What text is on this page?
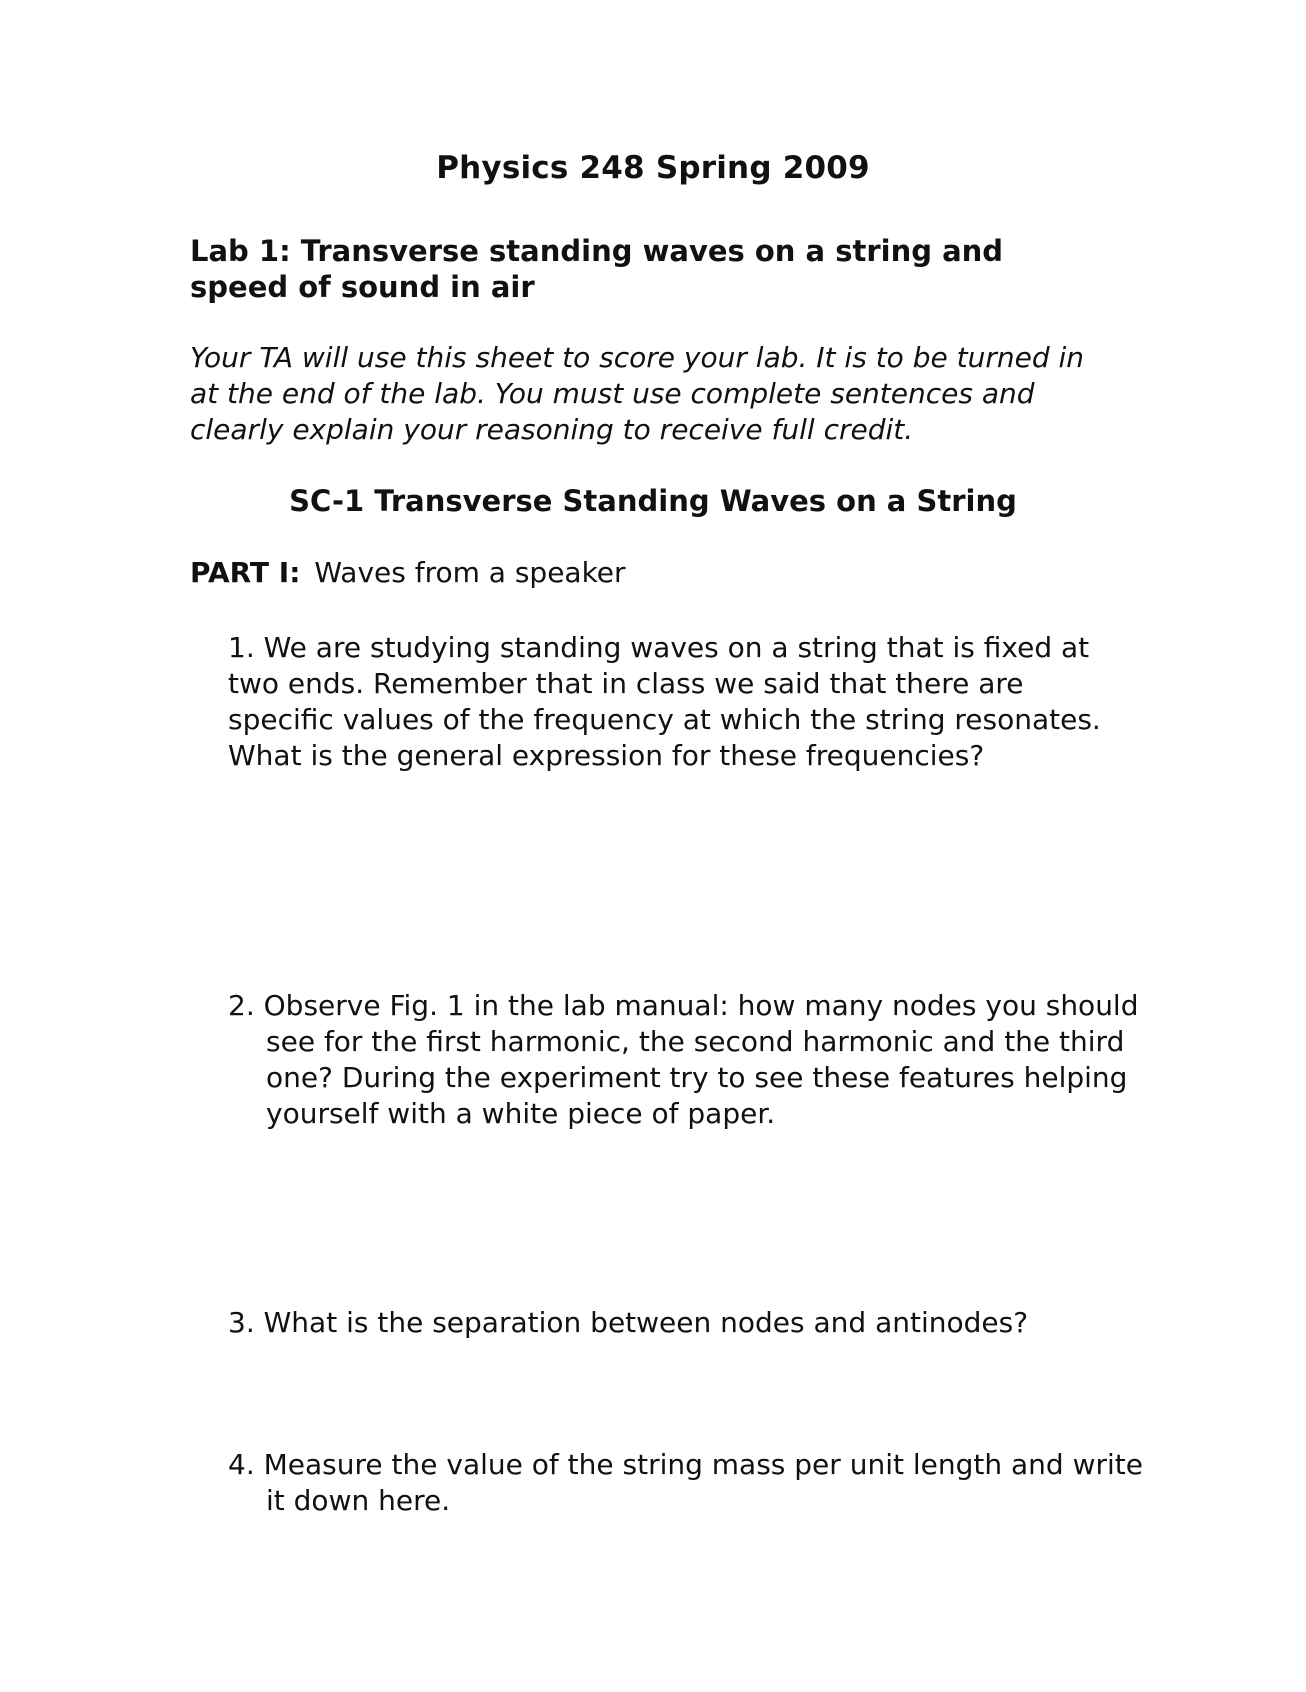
Physics 248 Spring 2009
Lab 1: Transverse standing waves on a string and speed of sound in air
Your TA will use this sheet to score your lab. It is to be turned in at the end of the lab. You must use complete sentences and clearly explain your reasoning to receive full credit.
SC-1 Transverse Standing Waves on a String
PART I: Waves from a speaker
1. We are studying standing waves on a string that is fixed at two ends. Remember that in class we said that there are specific values of the frequency at which the string resonates. What is the general expression for these frequencies?
2. Observe Fig. 1 in the lab manual: how many nodes you should see for the first harmonic, the second harmonic and the third one? During the experiment try to see these features helping yourself with a white piece of paper.
3. What is the separation between nodes and antinodes?
4. Measure the value of the string mass per unit length and write it down here.
